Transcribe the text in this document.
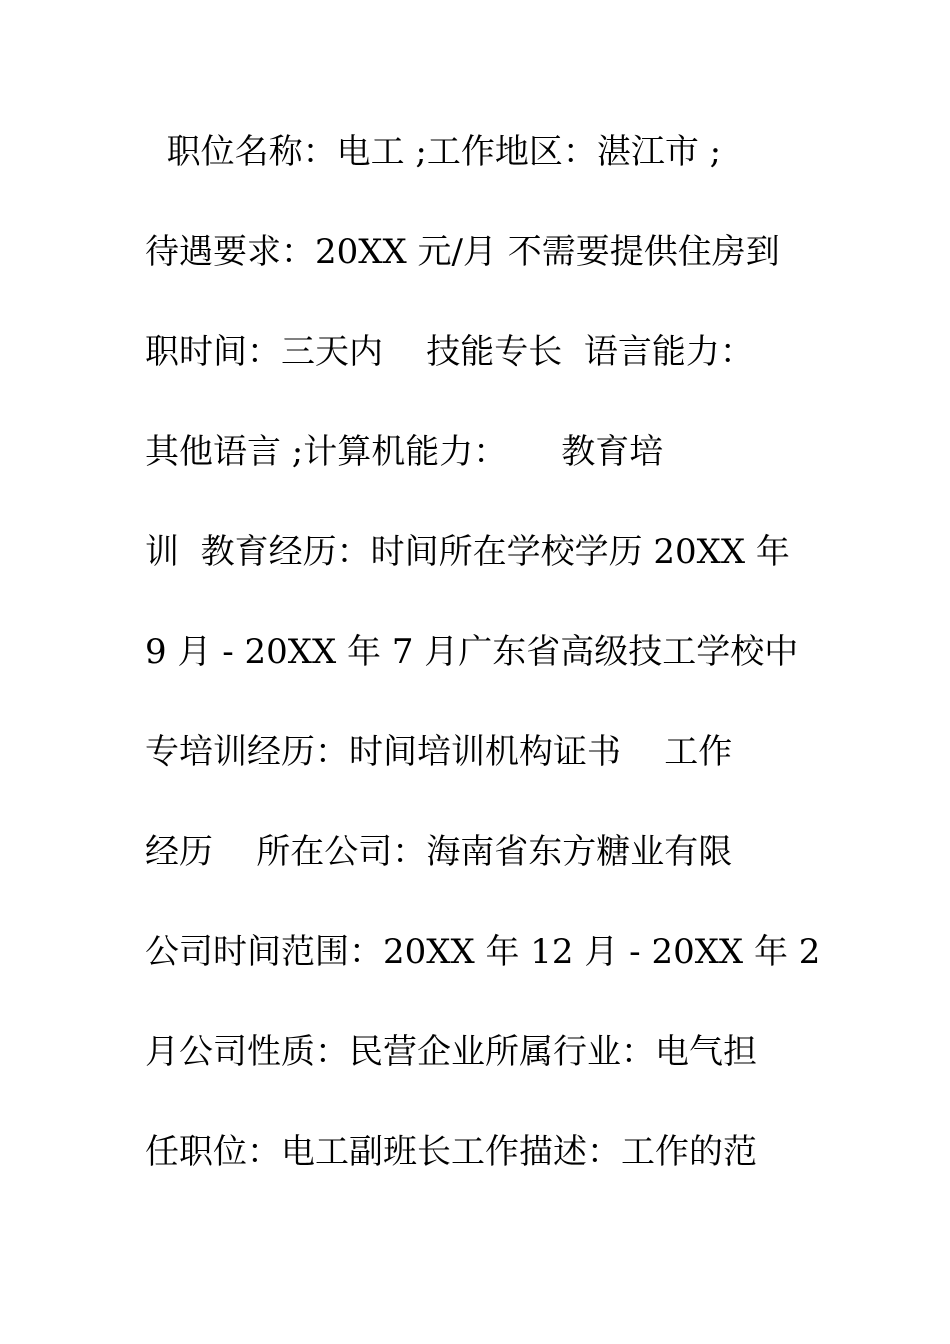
职位名称：电工 ;工作地区：湛江市 ;
待遇要求：20XX 元/月 不需要提供住房到
职时间：三天内    技能专长  语言能力：
其他语言 ;计算机能力：     教育培
训  教育经历：时间所在学校学历 20XX 年
9 月 - 20XX 年 7 月广东省高级技工学校中
专培训经历：时间培训机构证书    工作
经历    所在公司：海南省东方糖业有限
公司时间范围：20XX 年 12 月 - 20XX 年 2
月公司性质：民营企业所属行业：电气担
任职位：电工副班长工作描述：工作的范
